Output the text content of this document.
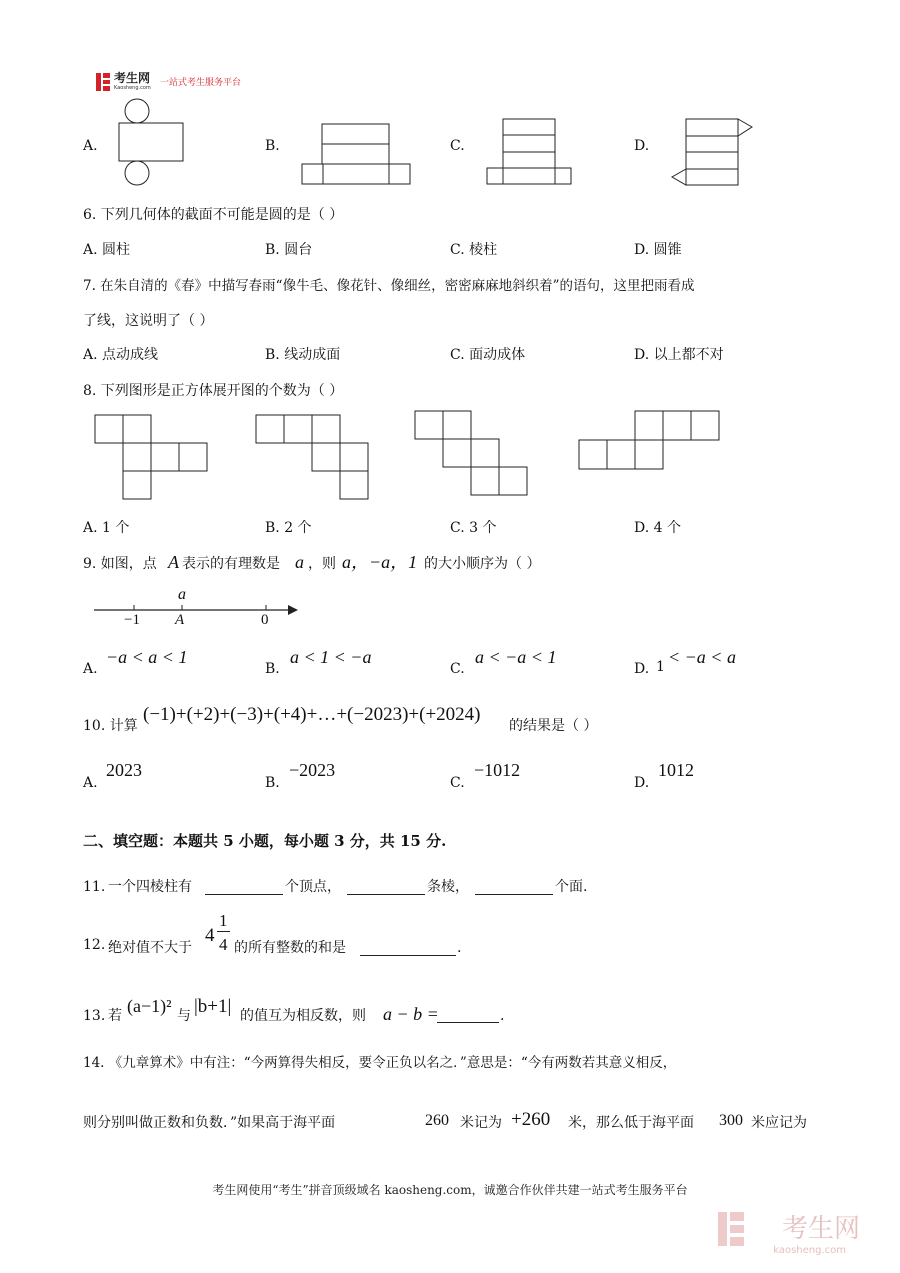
考生网
Kaosheng.com 一站式考生服务平台
A.	B.	C.	D.
6. 下列几何体的截面不可能是圆的是（ ）
A. 圆柱	B. 圆台	C. 棱柱	D. 圆锥
7. 在朱自清的《春》中描写春雨“像牛毛、像花针、像细丝，密密麻麻地斜织着”的语句，这里把雨看成
了线，这说明了（ ）
A. 点动成线	B. 线动成面	C. 面动成体	D. 以上都不对
8. 下列图形是正方体展开图的个数为（ ）
A. 1 个	B. 2 个	C. 3 个	D. 4 个
9. 如图，点 A 表示的有理数是 a ，则 a，−a，1 的大小顺序为（ ）
a
−1 A	0
A.
−a < a < 1
B.
a < 1 < −a
C.
a < −a < 1
D. 1 < −a < a
10. 计算
(−1)+(+2)+(−3)+(+4)+…+(−2023)+(+2024)
的结果是（ ）
A.
2023
B.
−2023
C.
−1012
D.
1012
二、填空题：本题共 5 小题，每小题 3 分，共 15 分.
11. 一个四棱柱有	个顶点，	条棱，	个面.
12. 绝对值不大于
4
1
4 的所有整数的和是	.
13. 若 (a−1)² 与 |b+1| 的值互为相反数，则 a − b =	.
14. 《九章算术》中有注：“今两算得失相反，要令正负以名之．”意思是：“今有两数若其意义相反，
则分别叫做正数和负数．”如果高于海平面	260 米记为 +260 米，那么低于海平面 300 米应记为
考生网使用“考生”拼音顶级域名 kaosheng.com，诚邀合作伙伴共建一站式考生服务平台
考生网
kaosheng.com
